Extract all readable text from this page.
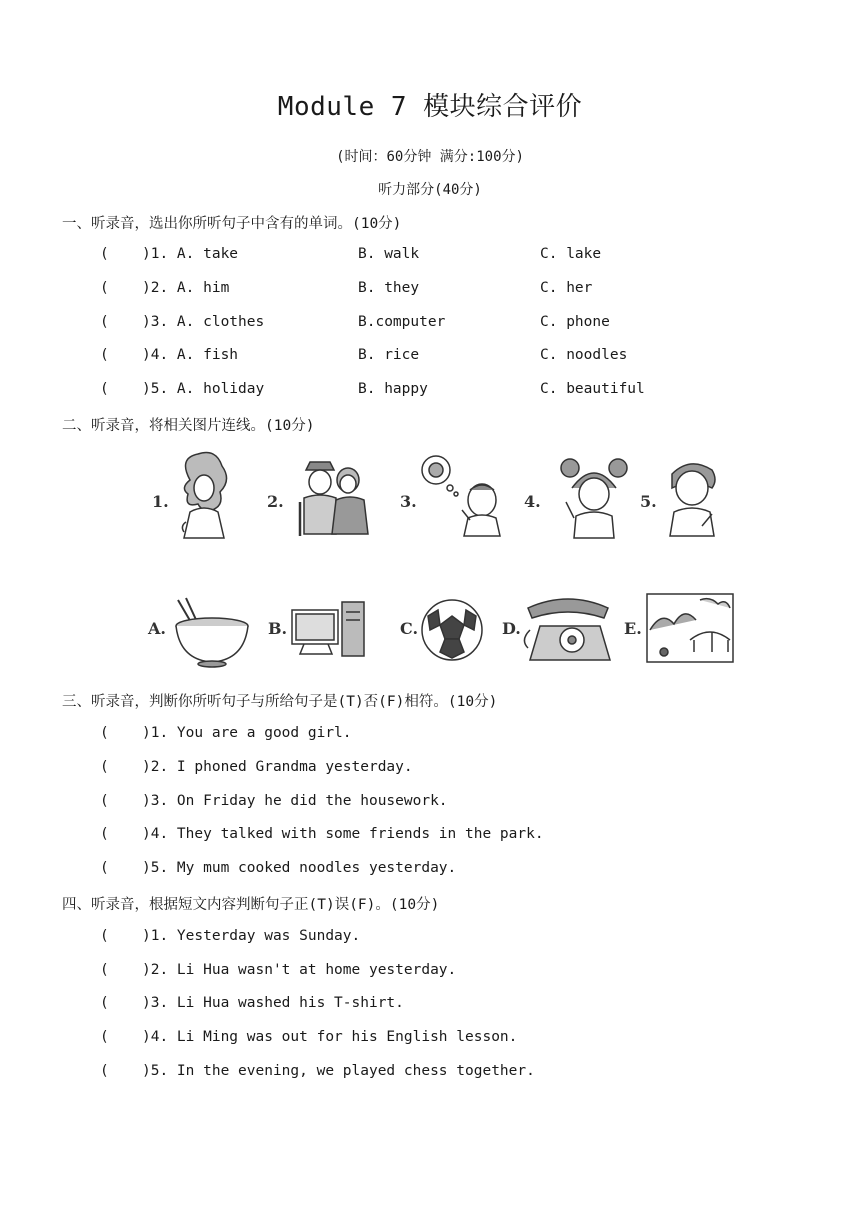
Module 7 模块综合评价
(时间：60分钟 满分:100分)
听力部分(40分)
一、听录音，选出你所听句子中含有的单词。(10分)
( )1. A. take	B. walk	C. lake
( )2. A. him	B. they	C. her
( )3. A. clothes	B.computer	C. phone
( )4. A. fish	B. rice	C. noodles
( )5. A. holiday	B. happy	C. beautiful
二、听录音，将相关图片连线。(10分)
1.	2.	3.	4.	5.
A.	B.	C.	D.	E.
三、听录音，判断你所听句子与所给句子是(T)否(F)相符。(10分)
( )1. You are a good girl.
( )2. I phoned Grandma yesterday.
( )3. On Friday he did the housework.
( )4. They talked with some friends in the park.
( )5. My mum cooked noodles yesterday.
四、听录音，根据短文内容判断句子正(T)误(F)。(10分)
( )1. Yesterday was Sunday.
( )2. Li Hua wasn't at home yesterday.
( )3. Li Hua washed his T-shirt.
( )4. Li Ming was out for his English lesson.
( )5. In the evening, we played chess together.
